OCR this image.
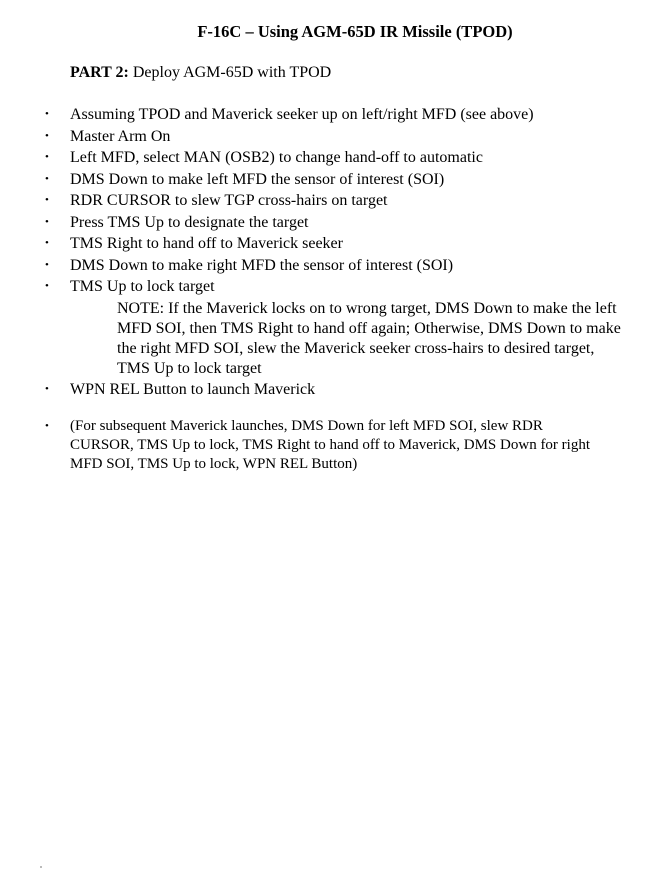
F-16C – Using AGM-65D IR Missile (TPOD)
PART 2: Deploy AGM-65D with TPOD
• Assuming TPOD and Maverick seeker up on left/right MFD (see above)
• Master Arm On
• Left MFD, select MAN (OSB2) to change hand-off to automatic
• DMS Down to make left MFD the sensor of interest (SOI)
• RDR CURSOR to slew TGP cross-hairs on target
• Press TMS Up to designate the target
• TMS Right to hand off to Maverick seeker
• DMS Down to make right MFD the sensor of interest (SOI)
• TMS Up to lock target
NOTE: If the Maverick locks on to wrong target, DMS Down to make the left MFD SOI, then TMS Right to hand off again; Otherwise, DMS Down to make the right MFD SOI, slew the Maverick seeker cross-hairs to desired target, TMS Up to lock target
• WPN REL Button to launch Maverick
• (For subsequent Maverick launches, DMS Down for left MFD SOI, slew RDR CURSOR, TMS Up to lock, TMS Right to hand off to Maverick, DMS Down for right MFD SOI, TMS Up to lock, WPN REL Button)
